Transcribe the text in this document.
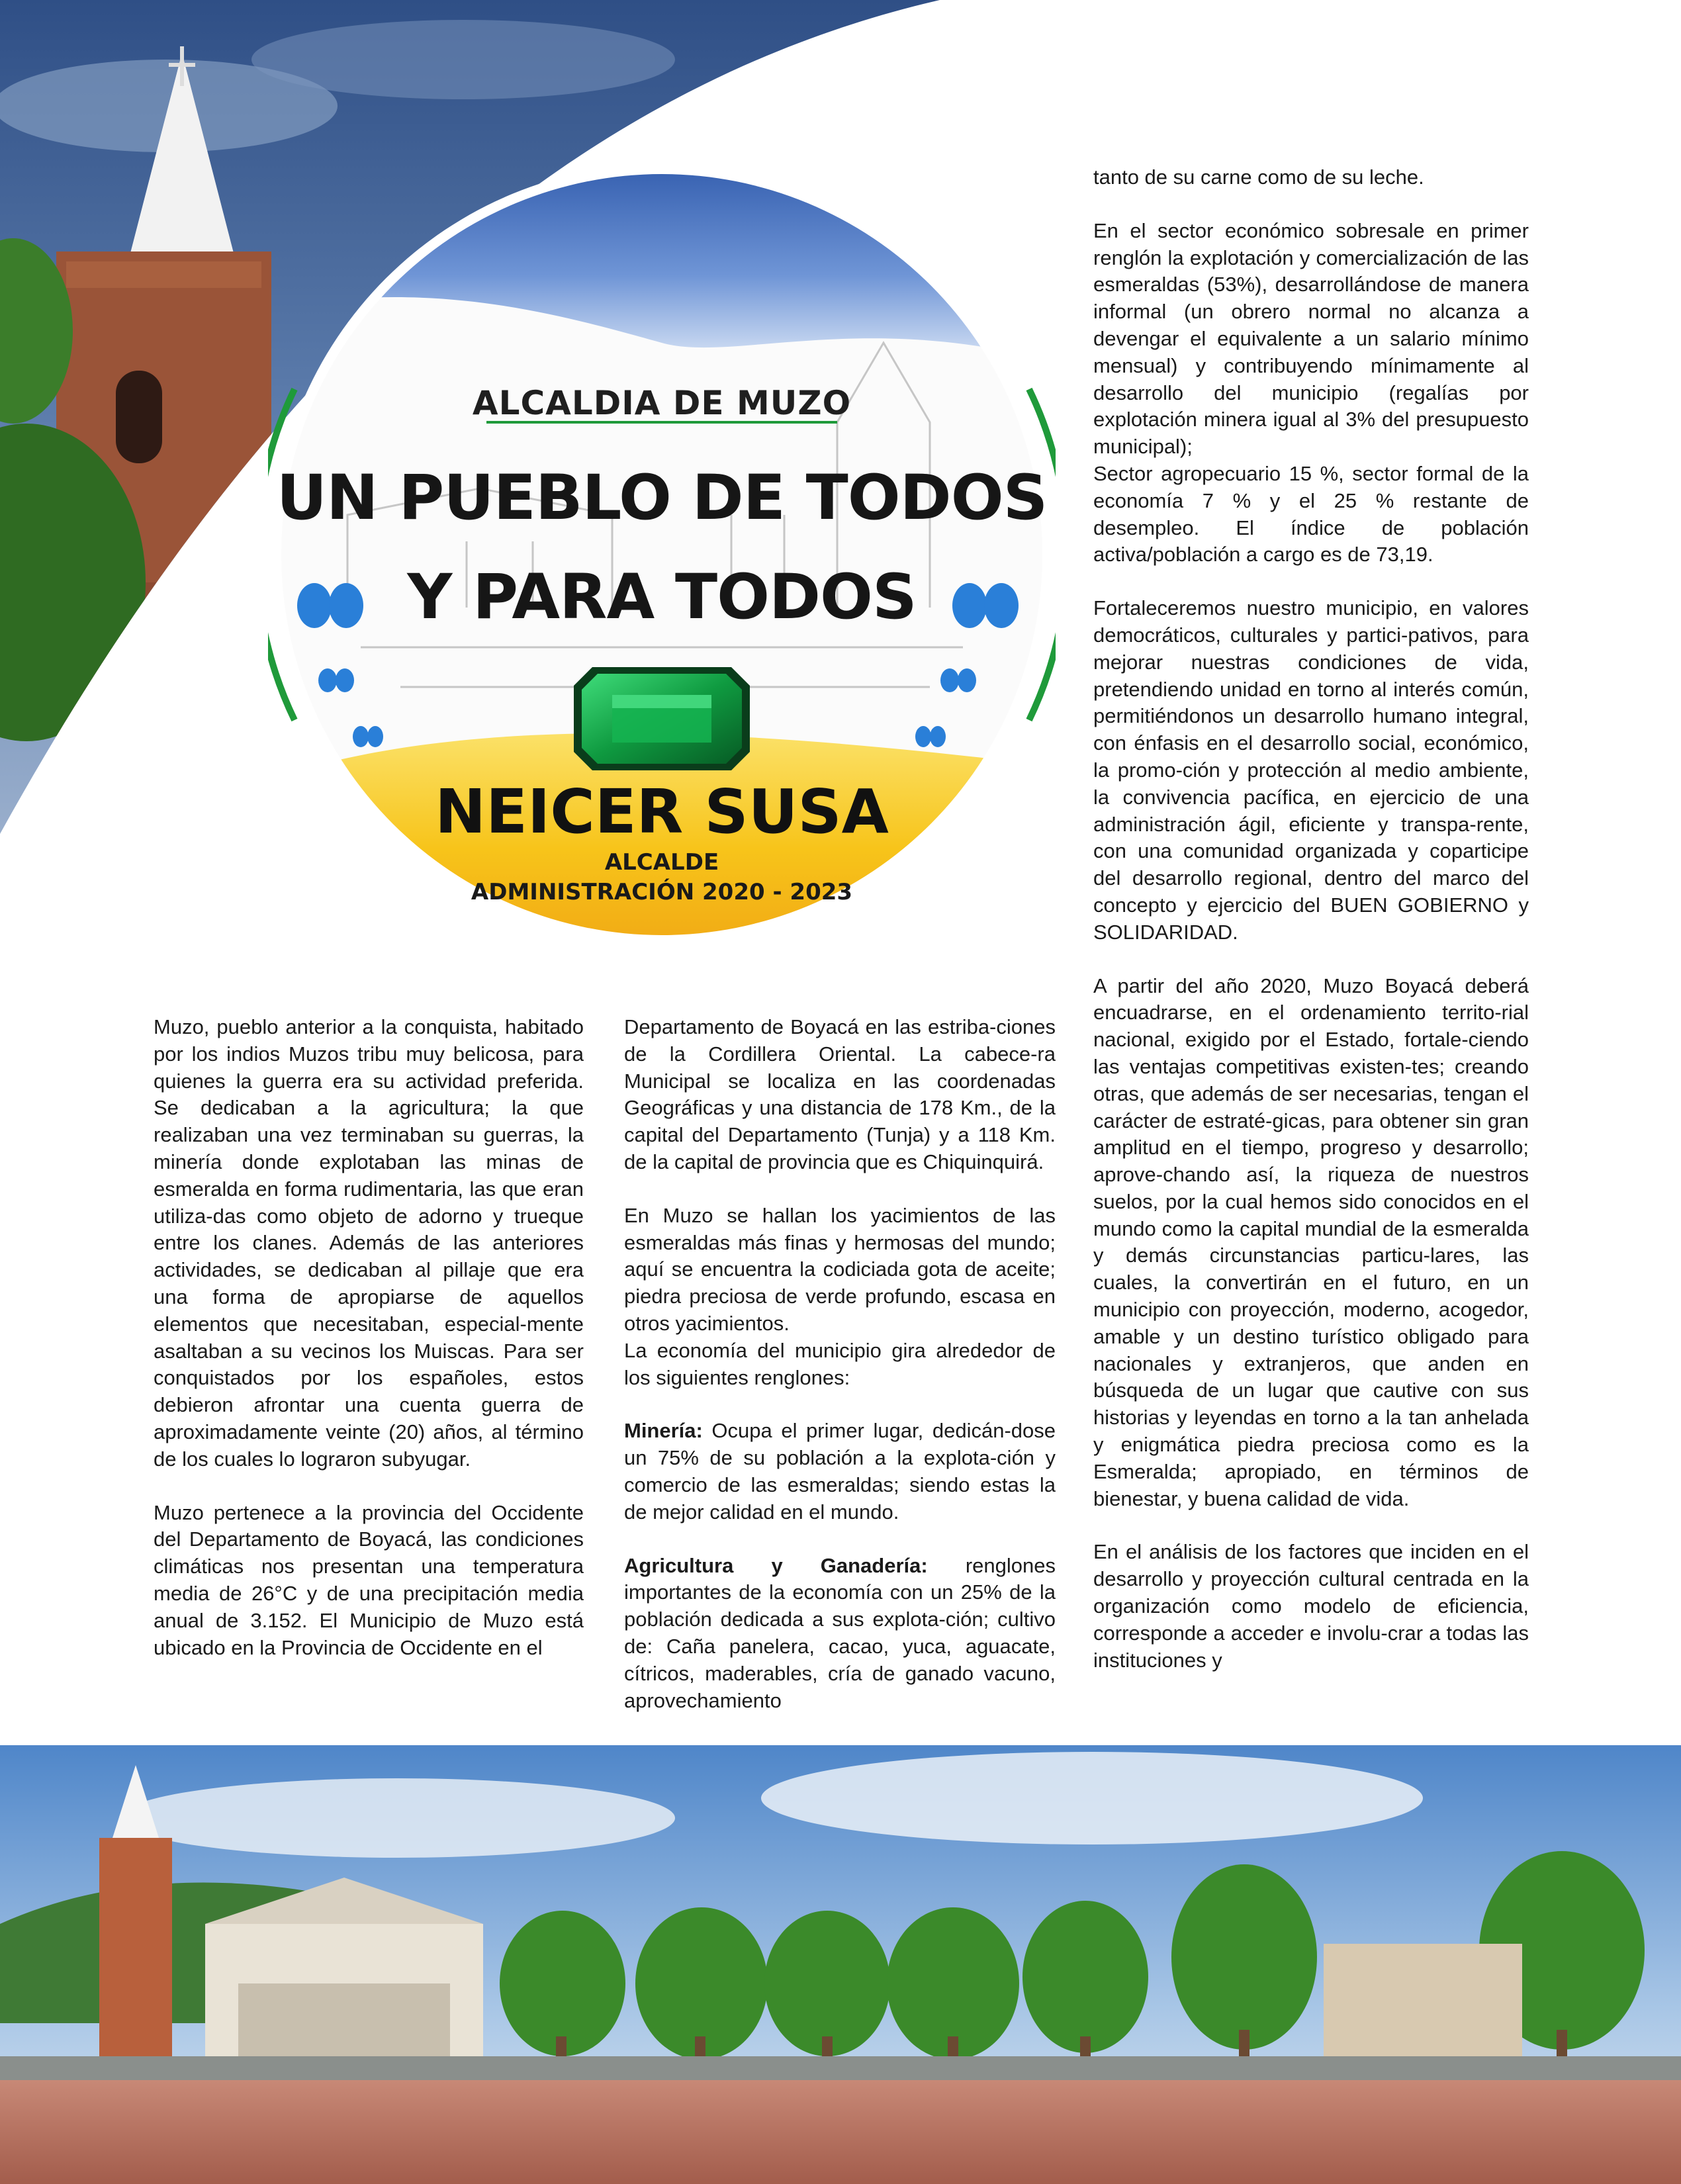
ALCALDIA DE MUZO
UN PUEBLO DE TODOS
Y PARA TODOS
NEICER SUSA
ALCALDE
ADMINISTRACIÓN 2020 - 2023

Muzo, pueblo anterior a la conquista, habitado por los indios Muzos tribu muy belicosa, para quienes la guerra era su actividad preferida. Se dedicaban a la agricultura; la que realizaban una vez terminaban su guerras, la minería donde explotaban las minas de esmeralda en forma rudimentaria, las que eran utiliza-das como objeto de adorno y trueque entre los clanes. Además de las anteriores actividades, se dedicaban al pillaje que era una forma de apropiarse de aquellos elementos que necesitaban, especial-mente asaltaban a su vecinos los Muiscas. Para ser conquistados por los españoles, estos debieron afrontar una cuenta guerra de aproximadamente veinte (20) años, al término de los cuales lo lograron subyugar.

Muzo pertenece a la provincia del Occidente del Departamento de Boyacá, las condiciones climáticas nos presentan una temperatura media de 26°C y de una precipitación media anual de 3.152. El Municipio de Muzo está ubicado en la Provincia de Occidente en el

Departamento de Boyacá en las estriba-ciones de la Cordillera Oriental. La cabece-ra Municipal se localiza en las coordenadas Geográficas y una distancia de 178 Km., de la capital del Departamento (Tunja) y a 118 Km. de la capital de provincia que es Chiquinquirá.

En Muzo se hallan los yacimientos de las esmeraldas más finas y hermosas del mundo; aquí se encuentra la codiciada gota de aceite; piedra preciosa de verde profundo, escasa en otros yacimientos.

La economía del municipio gira alrededor de los siguientes renglones:

Minería: Ocupa el primer lugar, dedicán-dose un 75% de su población a la explota-ción y comercio de las esmeraldas; siendo estas la de mejor calidad en el mundo.

Agricultura y Ganadería: renglones importantes de la economía con un 25% de la población dedicada a sus explota-ción; cultivo de: Caña panelera, cacao, yuca, aguacate, cítricos, maderables, cría de ganado vacuno, aprovechamiento

tanto de su carne como de su leche.

En el sector económico sobresale en primer renglón la explotación y comercialización de las esmeraldas (53%), desarrollándose de manera informal (un obrero normal no alcanza a devengar el equivalente a un salario mínimo mensual) y contribuyendo mínimamente al desarrollo del municipio (regalías por explotación minera igual al 3% del presupuesto municipal);

Sector agropecuario 15 %, sector formal de la economía 7 % y el 25 % restante de desempleo. El índice de población activa/población a cargo es de 73,19.

Fortaleceremos nuestro municipio, en valores democráticos, culturales y partici-pativos, para mejorar nuestras condiciones de vida, pretendiendo unidad en torno al interés común, permitiéndonos un desarrollo humano integral, con énfasis en el desarrollo social, económico, la promo-ción y protección al medio ambiente, la convivencia pacífica, en ejercicio de una administración ágil, eficiente y transpa-rente, con una comunidad organizada y coparticipe del desarrollo regional, dentro del marco del concepto y ejercicio del BUEN GOBIERNO y SOLIDARIDAD.

A partir del año 2020, Muzo Boyacá deberá encuadrarse, en el ordenamiento territo-rial nacional, exigido por el Estado, fortale-ciendo las ventajas competitivas existen-tes; creando otras, que además de ser necesarias, tengan el carácter de estraté-gicas, para obtener sin gran amplitud en el tiempo, progreso y desarrollo; aprove-chando así, la riqueza de nuestros suelos, por la cual hemos sido conocidos en el mundo como la capital mundial de la esmeralda y demás circunstancias particu-lares, las cuales, la convertirán en el futuro, en un municipio con proyección, moderno, acogedor, amable y un destino turístico obligado para nacionales y extranjeros, que anden en búsqueda de un lugar que cautive con sus historias y leyendas en torno a la tan anhelada y enigmática piedra preciosa como es la Esmeralda; apropiado, en términos de bienestar, y buena calidad de vida.

En el análisis de los factores que inciden en el desarrollo y proyección cultural centrada en la organización como modelo de eficiencia, corresponde a acceder e involu-crar a todas las instituciones y
